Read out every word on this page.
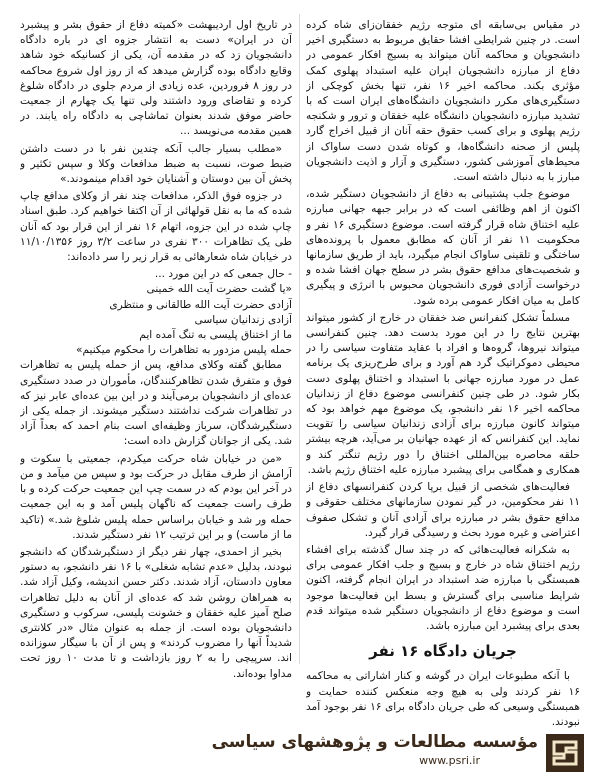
در مقیاس بی‌سابقه ای متوجه رژیم خفقان‌زای شاه کرده است. در چنین شرایطی افشا حقایق مربوط به دستگیری اخیر دانشجویان و محاکمه آنان میتواند به بسیج افکار عمومی در دفاع از مبارزه دانشجویان ایران علیه استبداد پهلوی کمک مؤثری بکند. محاکمه اخیر ۱۶ نفر، تنها بخش کوچکی از دستگیری‌های مکرر دانشجویان دانشگاه‌های ایران است که با تشدید مبارزه دانشجویان دانشگاه علیه خفقان و ترور و شکنجه رژیم پهلوی و برای کسب حقوق حقه آنان از قبیل اخراج گارد پلیس از صحنه دانشگاه‌ها، و کوتاه شدن دست ساواک از محیط‌های آموزشی کشور، دستگیری و آزار و اذیت دانشجویان مبارز با به دنبال داشته است.

موضوع جلب پشتیبانی به دفاع از دانشجویان دستگیر شده، اکنون از اهم وظائفی است که در برابر جبهه جهانی مبارزه علیه اختناق شاه قرار گرفته است. موضوع دستگیری ۱۶ نفر و محکومیت ۱۱ نفر از آنان که مطابق معمول با پرونده‌های ساختگی و تلقینی ساواک انجام میگیرد، باید از طریق سازمانها و شخصیت‌های مدافع حقوق بشر در سطح جهان افشا شده و درخواست آزادی فوری دانشجویان محبوس با انرژی و پیگیری کامل به میان افکار عمومی برده شود.

مسلماً تشکل کنفرانس ضد خفقان در خارج از کشور میتواند بهترین نتایج را در این مورد بدست دهد. چنین کنفرانسی میتواند نیروها، گروه‌ها و افراد با عقاید متفاوت سیاسی را در محیطی دموکراتیک گرد هم آورد و برای طرح‌ریزی یک برنامه عمل در مورد مبارزه جهانی با استبداد و اختناق پهلوی دست بکار شود. در طی چنین کنفرانسی موضوع دفاع از زندانیان محاکمه اخیر ۱۶ نفر دانشجو، یک موضوع مهم خواهد بود که میتواند کانون مبارزه برای آزادی زندانیان سیاسی را تقویت نماید. این کنفرانس که از عهده جهانیان بر می‌آید، هرچه بیشتر حلقه محاصره بین‌المللی اختناق را دور رژیم تنگتر کند و همکاری و همگامی برای پیشبرد مبارزه علیه اختناق رژیم باشد.

فعالیت‌های شخصی از قبیل برپا کردن کنفرانسهای دفاع از ۱۱ نفر محکومین، در گیر نمودن سازمانهای مختلف حقوقی و مدافع حقوق بشر در مبارزه برای آزادی آنان و تشکل صفوف اعتراضی و غیره مورد بحث و رسیدگی قرار گیرد.

به شکرانه فعالیت‌هائی که در چند سال گذشته برای افشاء رژیم اختناق شاه در خارج و بسیج و جلب افکار عمومی برای همبستگی با مبارزه ضد استبداد در ایران انجام گرفته، اکنون شرایط مناسبی برای گسترش و بسط این فعالیت‌ها موجود است و موضوع دفاع از دانشجویان دستگیر شده میتواند قدم بعدی برای پیشبرد این مبارزه باشد.

جریان دادگاه ۱۶ نفر

با آنکه مطبوعات ایران در گوشه و کنار اشاراتی به محاکمه ۱۶ نفر کردند ولی به هیچ وجه منعکس کننده حمایت و همبستگی وسیعی که طی جریان دادگاه برای ۱۶ نفر بوجود آمد نبودند.

در تاریخ اول اردیبهشت «کمیته دفاع از حقوق بشر و پیشبرد آن در ایران» دست به انتشار جزوه ای در باره دادگاه دانشجویان زد که در مقدمه آن، یکی از کسانیکه خود شاهد وقایع دادگاه بوده گزارش میدهد که از روز اول شروع محاکمه در روز ۸ فروردین، عده زیادی از مردم جلوی در دادگاه شلوغ کرده و تقاضای ورود داشتند ولی تنها یک چهارم از جمعیت حاضر موفق شدند بعنوان تماشاچی به دادگاه راه یابند. در همین مقدمه می‌نویسد ...

«مطلب بسیار جالب آنکه چندین نفر با در دست داشتن ضبط صوت، نسبت به ضبط مدافعات وکلا و سپس تکثیر و پخش آن بین دوستان و آشنایان خود اقدام مینمودند.»

در جزوه فوق الذکر، مدافعات چند نفر از وکلای مدافع چاپ شده که ما به نقل قولهائی از آن اکتفا خواهیم کرد. طبق اسناد چاپ شده در این جزوه، اتهام ۱۶ نفر از این قرار بود که آنان طی یک تظاهرات ۳۰۰ نفری در ساعت ۳/۲ روز ۱۱/۱۰/۱۳۵۶ در خیابان شاه شعارهائی به قرار زیر را سر داده‌اند:

- حال جمعی که در این مورد ...

«یا گشت حضرت آیت الله خمینی

آزادی حضرت آیت الله طالقانی و منتظری

آزادی زندانیان سیاسی

ما از اختناق پلیسی به تنگ آمده ایم

حمله پلیس مزدور به تظاهرات را محکوم میکنیم»

مطابق گفته وکلای مدافع، پس از حمله پلیس به تظاهرات فوق و متفرق شدن تظاهرکنندگان، مأموران در صدد دستگیری عده‌ای از دانشجویان برمی‌آیند و در این بین عده‌ای عابر نیز که در تظاهرات شرکت نداشتند دستگیر میشوند. از جمله یکی از دستگیرشدگان، سرباز وظیفه‌ای است بنام احمد که بعداً آزاد شد. یکی از جوانان گزارش داده است:

«من در خیابان شاه حرکت میکردم، جمعیتی با سکوت و آرامش از طرف مقابل در حرکت بود و سپس من میآمد و من در آخر این بودم که در سمت چپ این جمعیت حرکت کرده و با طرف راست جمعیت که ناگهان پلیس آمد و به این جمعیت حمله ور شد و خیابان براساس حمله پلیس شلوغ شد.» (تاکید ما از ماست) و بر این ترتیب ۱۲ نفر دستگیر شدند.

بخیر از احمدی، چهار نفر دیگر از دستگیرشدگان که دانشجو نبودند، بدلیل «عدم تشابه شغلی» با ۱۶ نفر دانشجو، به دستور معاون دادستان، آزاد شدند. دکتر حسن اندیشه، وکیل آزاد شد. به همراهان روشن شد که عده‌ای از آنان به دلیل تظاهرات صلح آمیز علیه خفقان و خشونت پلیسی، سرکوب و دستگیری دانشجویان بوده است. از جمله به عنوان مثال «در کلانتری شدیداً آنها را مضروب کردند» و پس از آن با سیگار سوزانده اند. سرپیچی را به ۲ روز بازداشت و تا مدت ۱۰ روز تحت مداوا بوده‌اند.

مؤسسه مطالعات و پژوهشهای سیاسی
www.psri.ir
